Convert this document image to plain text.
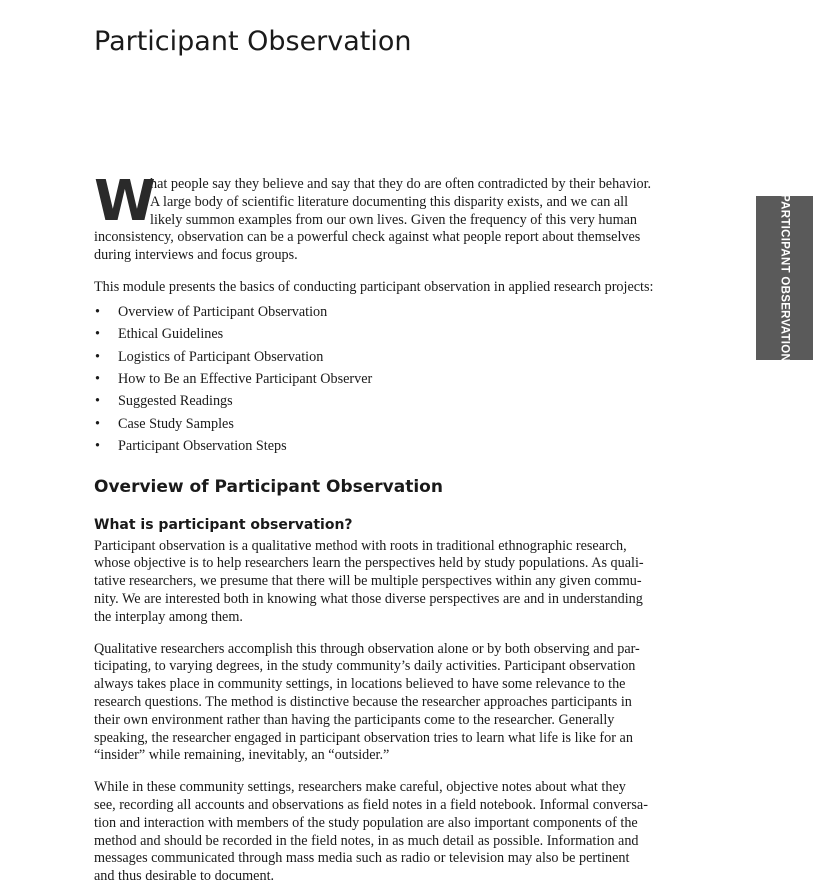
Participant Observation
PARTICIPANT OBSERVATION
W
hat people say they believe and say that they do are often contradicted by their behavior.
A large body of scientific literature documenting this disparity exists, and we can all
likely summon examples from our own lives. Given the frequency of this very human
inconsistency, observation can be a powerful check against what people report about themselves
during interviews and focus groups.
This module presents the basics of conducting participant observation in applied research projects:
• Overview of Participant Observation
• Ethical Guidelines
• Logistics of Participant Observation
• How to Be an Effective Participant Observer
• Suggested Readings
• Case Study Samples
• Participant Observation Steps
Overview of Participant Observation
What is participant observation?
Participant observation is a qualitative method with roots in traditional ethnographic research,
whose objective is to help researchers learn the perspectives held by study populations. As quali-
tative researchers, we presume that there will be multiple perspectives within any given commu-
nity. We are interested both in knowing what those diverse perspectives are and in understanding
the interplay among them.
Qualitative researchers accomplish this through observation alone or by both observing and par-
ticipating, to varying degrees, in the study community’s daily activities. Participant observation
always takes place in community settings, in locations believed to have some relevance to the
research questions. The method is distinctive because the researcher approaches participants in
their own environment rather than having the participants come to the researcher. Generally
speaking, the researcher engaged in participant observation tries to learn what life is like for an
“insider” while remaining, inevitably, an “outsider.”
While in these community settings, researchers make careful, objective notes about what they
see, recording all accounts and observations as field notes in a field notebook. Informal conversa-
tion and interaction with members of the study population are also important components of the
method and should be recorded in the field notes, in as much detail as possible. Information and
messages communicated through mass media such as radio or television may also be pertinent
and thus desirable to document.
